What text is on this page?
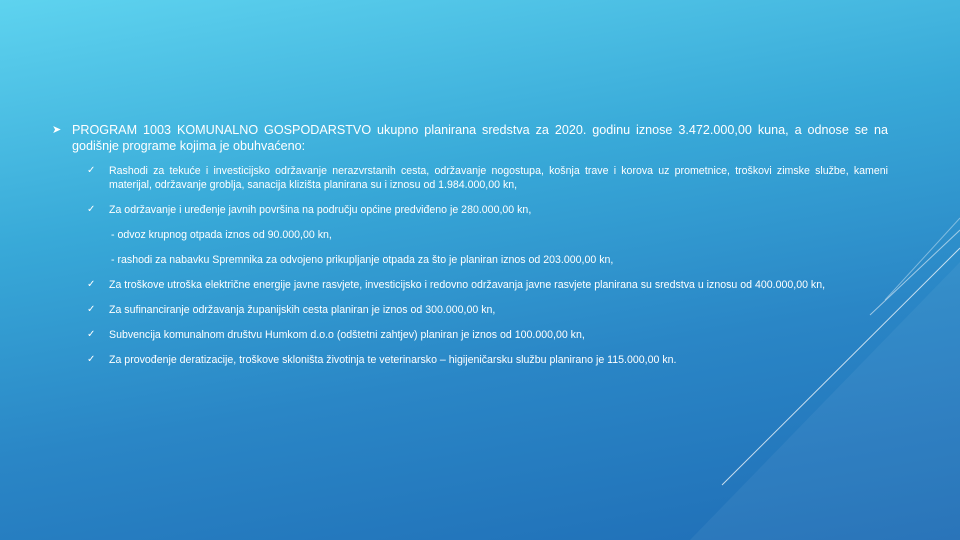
➤ PROGRAM 1003 KOMUNALNO GOSPODARSTVO ukupno planirana sredstva za 2020. godinu iznose 3.472.000,00 kuna, a odnose se na godišnje programe kojima je obuhvaćeno:
✓ Rashodi za tekuće i investicijsko održavanje nerazvrstanih cesta, održavanje nogostupa, košnja trave i korova uz prometnice, troškovi zimske službe, kameni materijal, održavanje groblja, sanacija klizišta planirana su i iznosu od 1.984.000,00 kn,
✓ Za održavanje i uređenje javnih površina na području općine predviđeno je 280.000,00 kn,
- odvoz krupnog otpada iznos od 90.000,00 kn,
- rashodi za nabavku Spremnika za odvojeno prikupljanje otpada za što je planiran iznos od 203.000,00 kn,
✓ Za troškove utroška električne energije javne rasvjete, investicijsko i redovno održavanja javne rasvjete planirana su sredstva u iznosu od 400.000,00 kn,
✓ Za sufinanciranje održavanja županijskih cesta planiran je iznos od 300.000,00 kn,
✓ Subvencija komunalnom društvu Humkom d.o.o (odštetni zahtjev) planiran je iznos od 100.000,00 kn,
✓ Za provođenje deratizacije, troškove skloništa životinja te veterinarsko – higijeničarsku službu planirano je 115.000,00 kn.
